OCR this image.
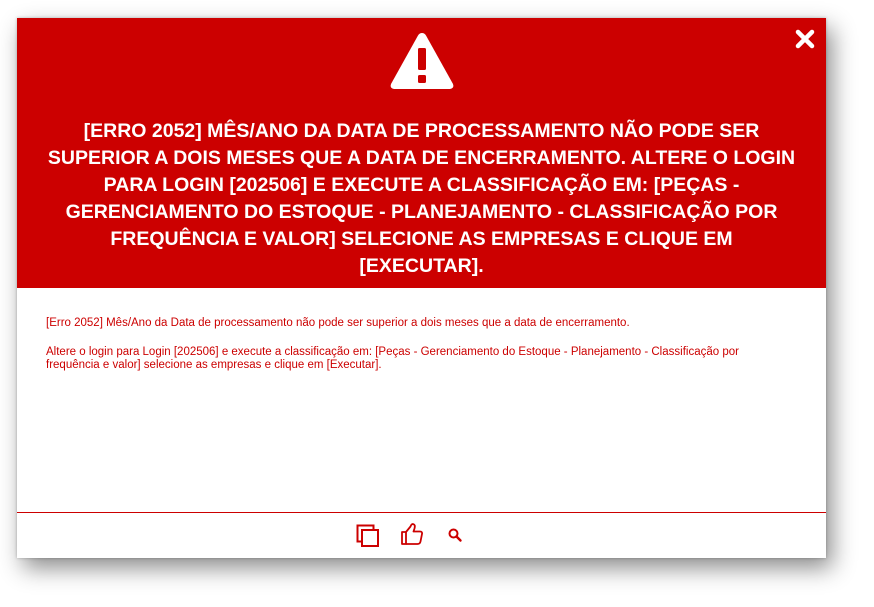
[ERRO 2052] MÊS/ANO DA DATA DE PROCESSAMENTO NÃO PODE SER SUPERIOR A DOIS MESES QUE A DATA DE ENCERRAMENTO. ALTERE O LOGIN PARA LOGIN [202506] E EXECUTE A CLASSIFICAÇÃO EM: [PEÇAS - GERENCIAMENTO DO ESTOQUE - PLANEJAMENTO - CLASSIFICAÇÃO POR FREQUÊNCIA E VALOR] SELECIONE AS EMPRESAS E CLIQUE EM [EXECUTAR].

[Erro 2052] Mês/Ano da Data de processamento não pode ser superior a dois meses que a data de encerramento.

Altere o login para Login [202506] e execute a classificação em: [Peças - Gerenciamento do Estoque - Planejamento - Classificação por frequência e valor] selecione as empresas e clique em [Executar].
